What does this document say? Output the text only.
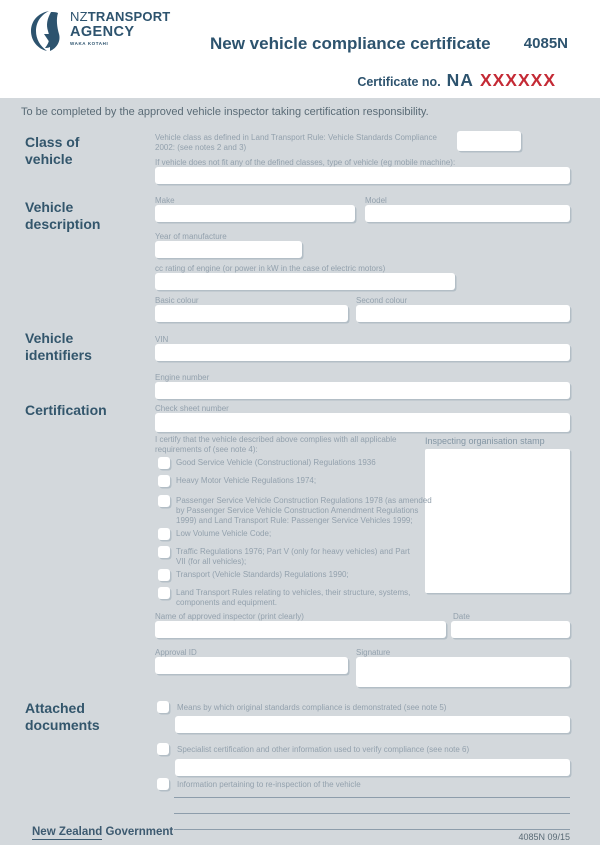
NZTRANSPORT
AGENCY
WAKA KOTAHI	New vehicle compliance certificate 4085N
Certificate no. NA XXXXXX
To be completed by the approved vehicle inspector taking certification responsibility.
Class of vehicle
Vehicle class as defined in Land Transport Rule: Vehicle Standards Compliance 2002: (see notes 2 and 3)
If vehicle does not fit any of the defined classes, type of vehicle (eg mobile machine):
Vehicle description
Make	Model
Year of manufacture
cc rating of engine (or power in kW in the case of electric motors)
Basic colour	Second colour
Vehicle identifiers
VIN
Engine number
Certification	Check sheet number
I certify that the vehicle described above complies with all applicable requirements of (see note 4):
Inspecting organisation stamp
Good Service Vehicle (Constructional) Regulations 1936
Heavy Motor Vehicle Regulations 1974;
Passenger Service Vehicle Construction Regulations 1978 (as amended by Passenger Service Vehicle Construction Amendment Regulations 1999) and Land Transport Rule: Passenger Service Vehicles 1999;
Low Volume Vehicle Code;
Traffic Regulations 1976; Part V (only for heavy vehicles) and Part VII (for all vehicles);
Transport (Vehicle Standards) Regulations 1990;
Land Transport Rules relating to vehicles, their structure, systems, components and equipment.
Name of approved inspector (print clearly)	Date
Approval ID	Signature
Attached documents
Means by which original standards compliance is demonstrated (see note 5)
Specialist certification and other information used to verify compliance (see note 6)
Information pertaining to re-inspection of the vehicle
New Zealand Government	4085N 09/15
